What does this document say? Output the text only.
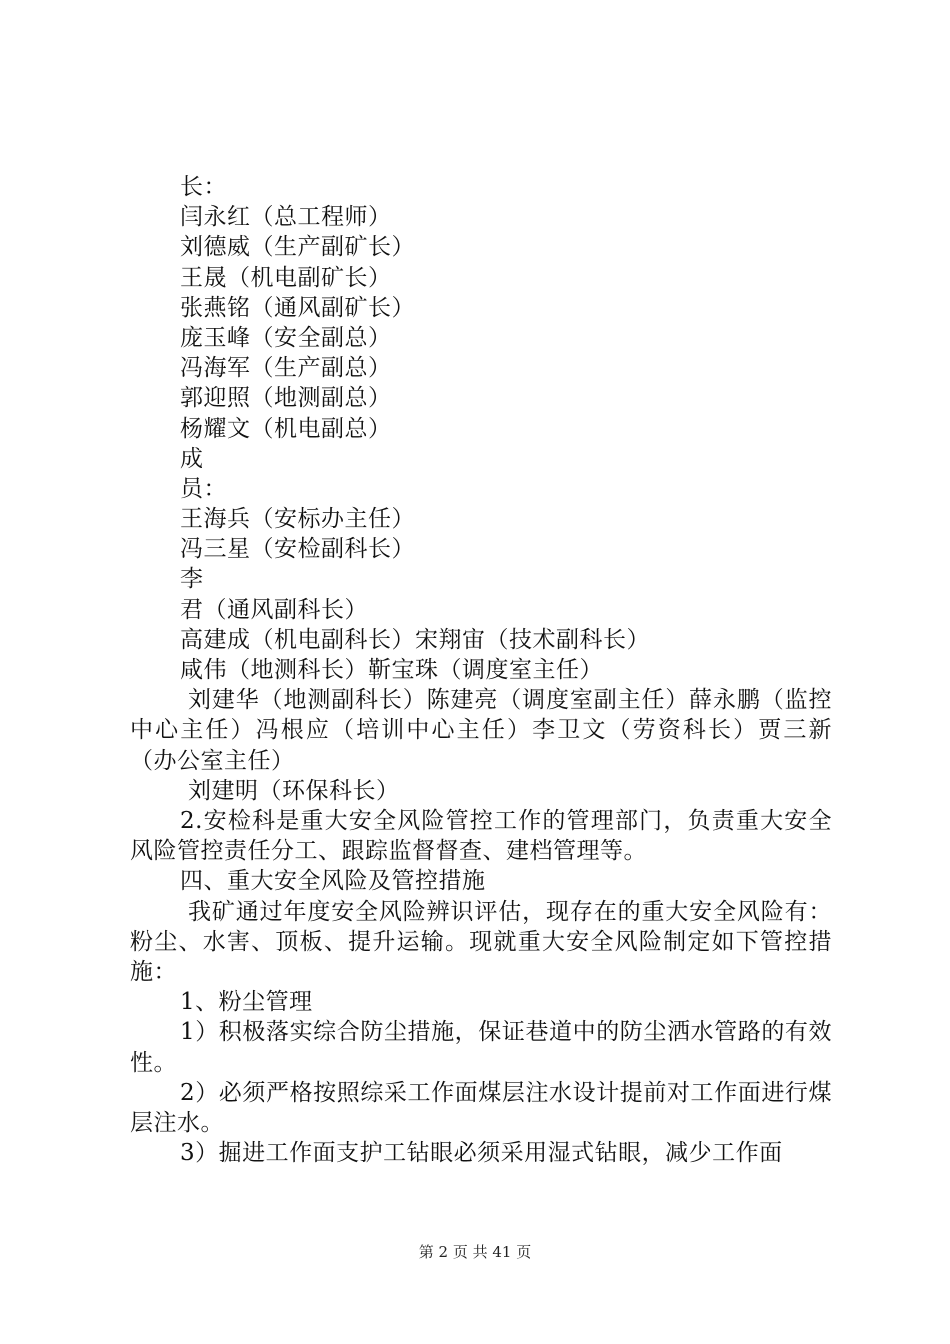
长：
闫永红（总工程师）
刘德威（生产副矿长）
王晟（机电副矿长）
张燕铭（通风副矿长）
庞玉峰（安全副总）
冯海军（生产副总）
郭迎照（地测副总）
杨耀文（机电副总）
成
员：
王海兵（安标办主任）
冯三星（安检副科长）
李
君（通风副科长）
高建成（机电副科长）宋翔宙（技术副科长）
咸伟（地测科长）靳宝珠（调度室主任）
刘建华（地测副科长）陈建亮（调度室副主任）薛永鹏（监控中心主任）冯根应（培训中心主任）李卫文（劳资科长）贾三新（办公室主任）
刘建明（环保科长）
2.安检科是重大安全风险管控工作的管理部门，负责重大安全风险管控责任分工、跟踪监督督查、建档管理等。
四、重大安全风险及管控措施
我矿通过年度安全风险辨识评估，现存在的重大安全风险有：粉尘、水害、顶板、提升运输。现就重大安全风险制定如下管控措施：
1、粉尘管理
1）积极落实综合防尘措施，保证巷道中的防尘洒水管路的有效性。
2）必须严格按照综采工作面煤层注水设计提前对工作面进行煤层注水。
3）掘进工作面支护工钻眼必须采用湿式钻眼，减少工作面
第 2 页 共 41 页
